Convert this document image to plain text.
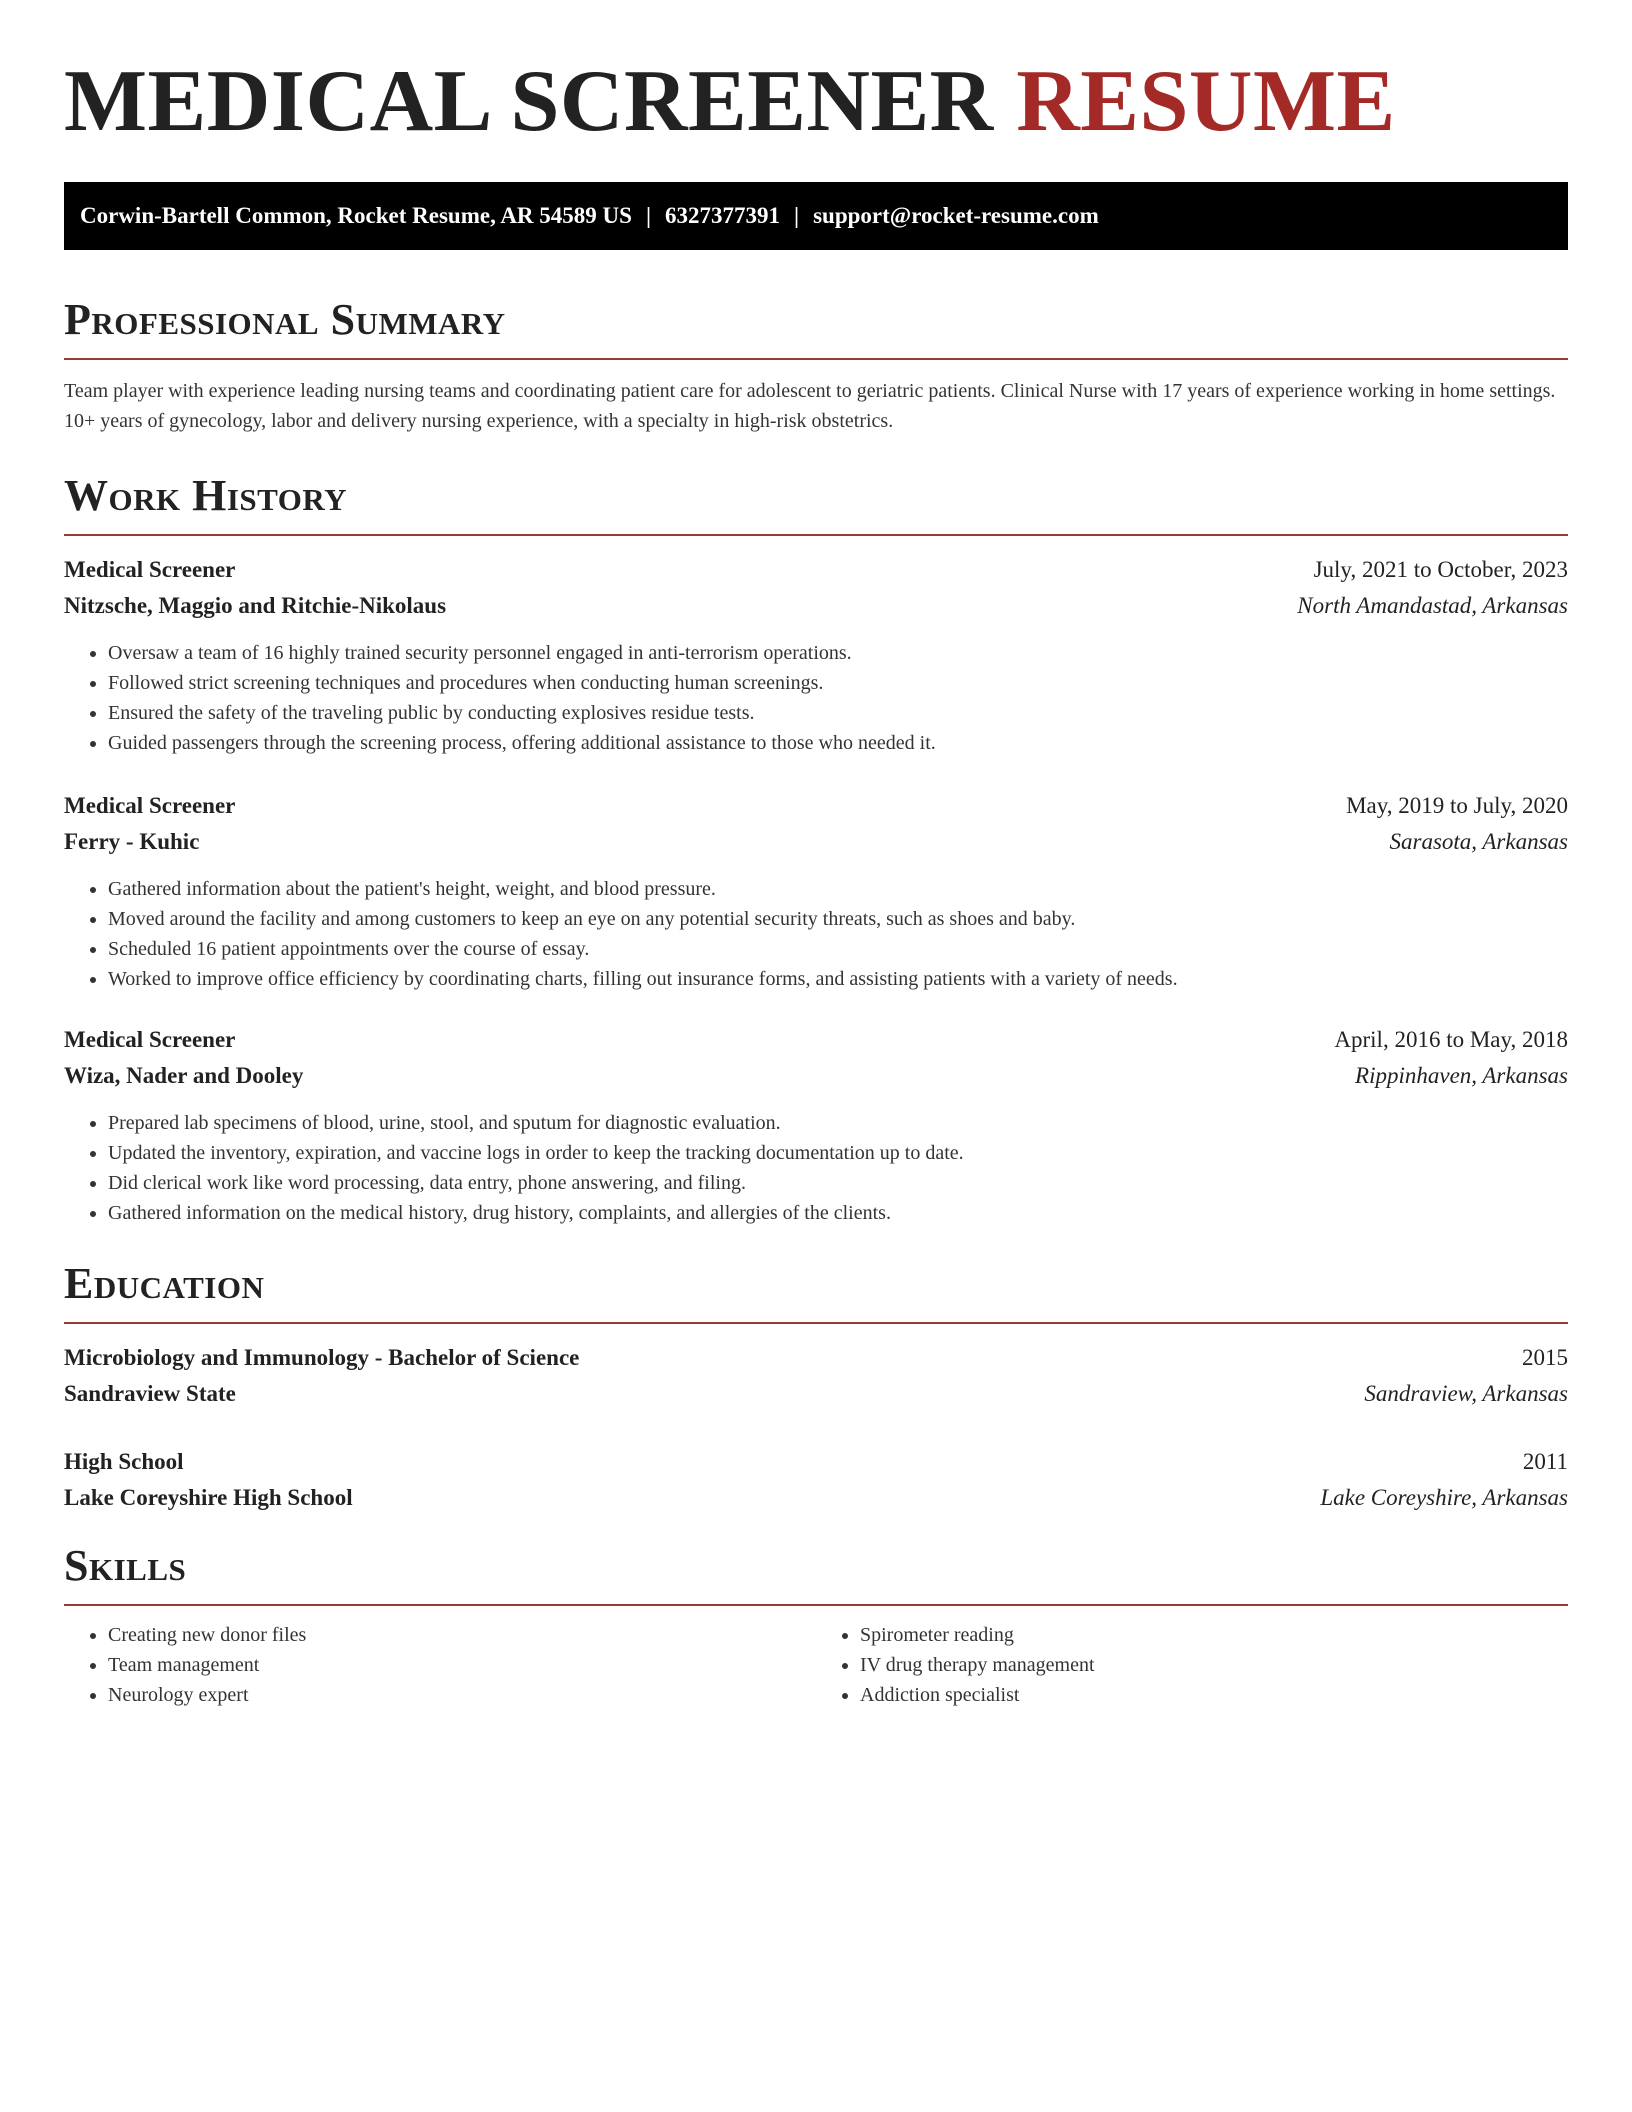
MEDICAL SCREENER RESUME
Corwin-Bartell Common, Rocket Resume, AR 54589 US | 6327377391 | support@rocket-resume.com
Professional Summary

Team player with experience leading nursing teams and coordinating patient care for adolescent to geriatric patients. Clinical Nurse with 17 years of experience working in home settings. 10+ years of gynecology, labor and delivery nursing experience, with a specialty in high-risk obstetrics.

Work History
Medical Screener	July, 2021 to October, 2023
Nitzsche, Maggio and Ritchie-Nikolaus	North Amandastad, Arkansas
• Oversaw a team of 16 highly trained security personnel engaged in anti-terrorism operations.
• Followed strict screening techniques and procedures when conducting human screenings.
• Ensured the safety of the traveling public by conducting explosives residue tests.
• Guided passengers through the screening process, offering additional assistance to those who needed it.
Medical Screener	May, 2019 to July, 2020
Ferry - Kuhic	Sarasota, Arkansas
• Gathered information about the patient's height, weight, and blood pressure.
• Moved around the facility and among customers to keep an eye on any potential security threats, such as shoes and baby.
• Scheduled 16 patient appointments over the course of essay.
• Worked to improve office efficiency by coordinating charts, filling out insurance forms, and assisting patients with a variety of needs.
Medical Screener	April, 2016 to May, 2018
Wiza, Nader and Dooley	Rippinhaven, Arkansas
• Prepared lab specimens of blood, urine, stool, and sputum for diagnostic evaluation.
• Updated the inventory, expiration, and vaccine logs in order to keep the tracking documentation up to date.
• Did clerical work like word processing, data entry, phone answering, and filing.
• Gathered information on the medical history, drug history, complaints, and allergies of the clients.
Education
Microbiology and Immunology - Bachelor of Science	2015
Sandraview State	Sandraview, Arkansas
High School	2011
Lake Coreyshire High School	Lake Coreyshire, Arkansas
Skills
• Creating new donor files
• Team management
• Neurology expert
• Spirometer reading
• IV drug therapy management
• Addiction specialist
